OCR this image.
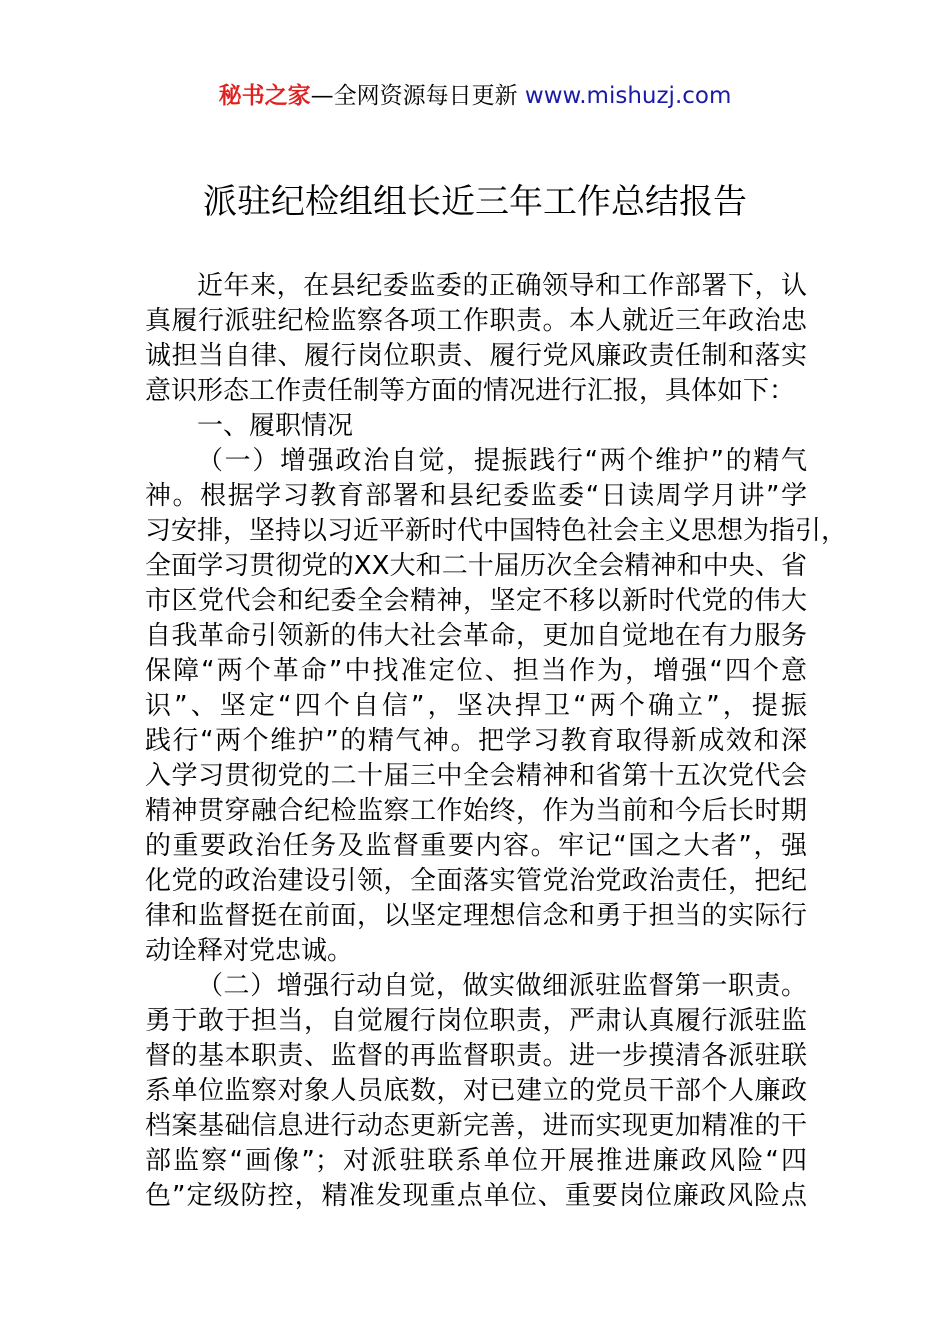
秘书之家—全网资源每日更新 www.mishuzj.com
派驻纪检组组长近三年工作总结报告
近年来，在县纪委监委的正确领导和工作部署下，认
真履行派驻纪检监察各项工作职责。本人就近三年政治忠
诚担当自律、履行岗位职责、履行党风廉政责任制和落实
意识形态工作责任制等方面的情况进行汇报，具体如下：
一、履职情况
（一）增强政治自觉，提振践行“两个维护”的精气
神。根据学习教育部署和县纪委监委“日读周学月讲”学
习安排，坚持以习近平新时代中国特色社会主义思想为指引，
全面学习贯彻党的XX大和二十届历次全会精神和中央、省
市区党代会和纪委全会精神，坚定不移以新时代党的伟大
自我革命引领新的伟大社会革命，更加自觉地在有力服务
保障“两个革命”中找准定位、担当作为，增强“四个意
识”、坚定“四个自信”，坚决捍卫“两个确立”，提振
践行“两个维护”的精气神。把学习教育取得新成效和深
入学习贯彻党的二十届三中全会精神和省第十五次党代会
精神贯穿融合纪检监察工作始终，作为当前和今后长时期
的重要政治任务及监督重要内容。牢记“国之大者”，强
化党的政治建设引领，全面落实管党治党政治责任，把纪
律和监督挺在前面，以坚定理想信念和勇于担当的实际行
动诠释对党忠诚。
（二）增强行动自觉，做实做细派驻监督第一职责。
勇于敢于担当，自觉履行岗位职责，严肃认真履行派驻监
督的基本职责、监督的再监督职责。进一步摸清各派驻联
系单位监察对象人员底数，对已建立的党员干部个人廉政
档案基础信息进行动态更新完善，进而实现更加精准的干
部监察“画像”；对派驻联系单位开展推进廉政风险“四
色”定级防控，精准发现重点单位、重要岗位廉政风险点
